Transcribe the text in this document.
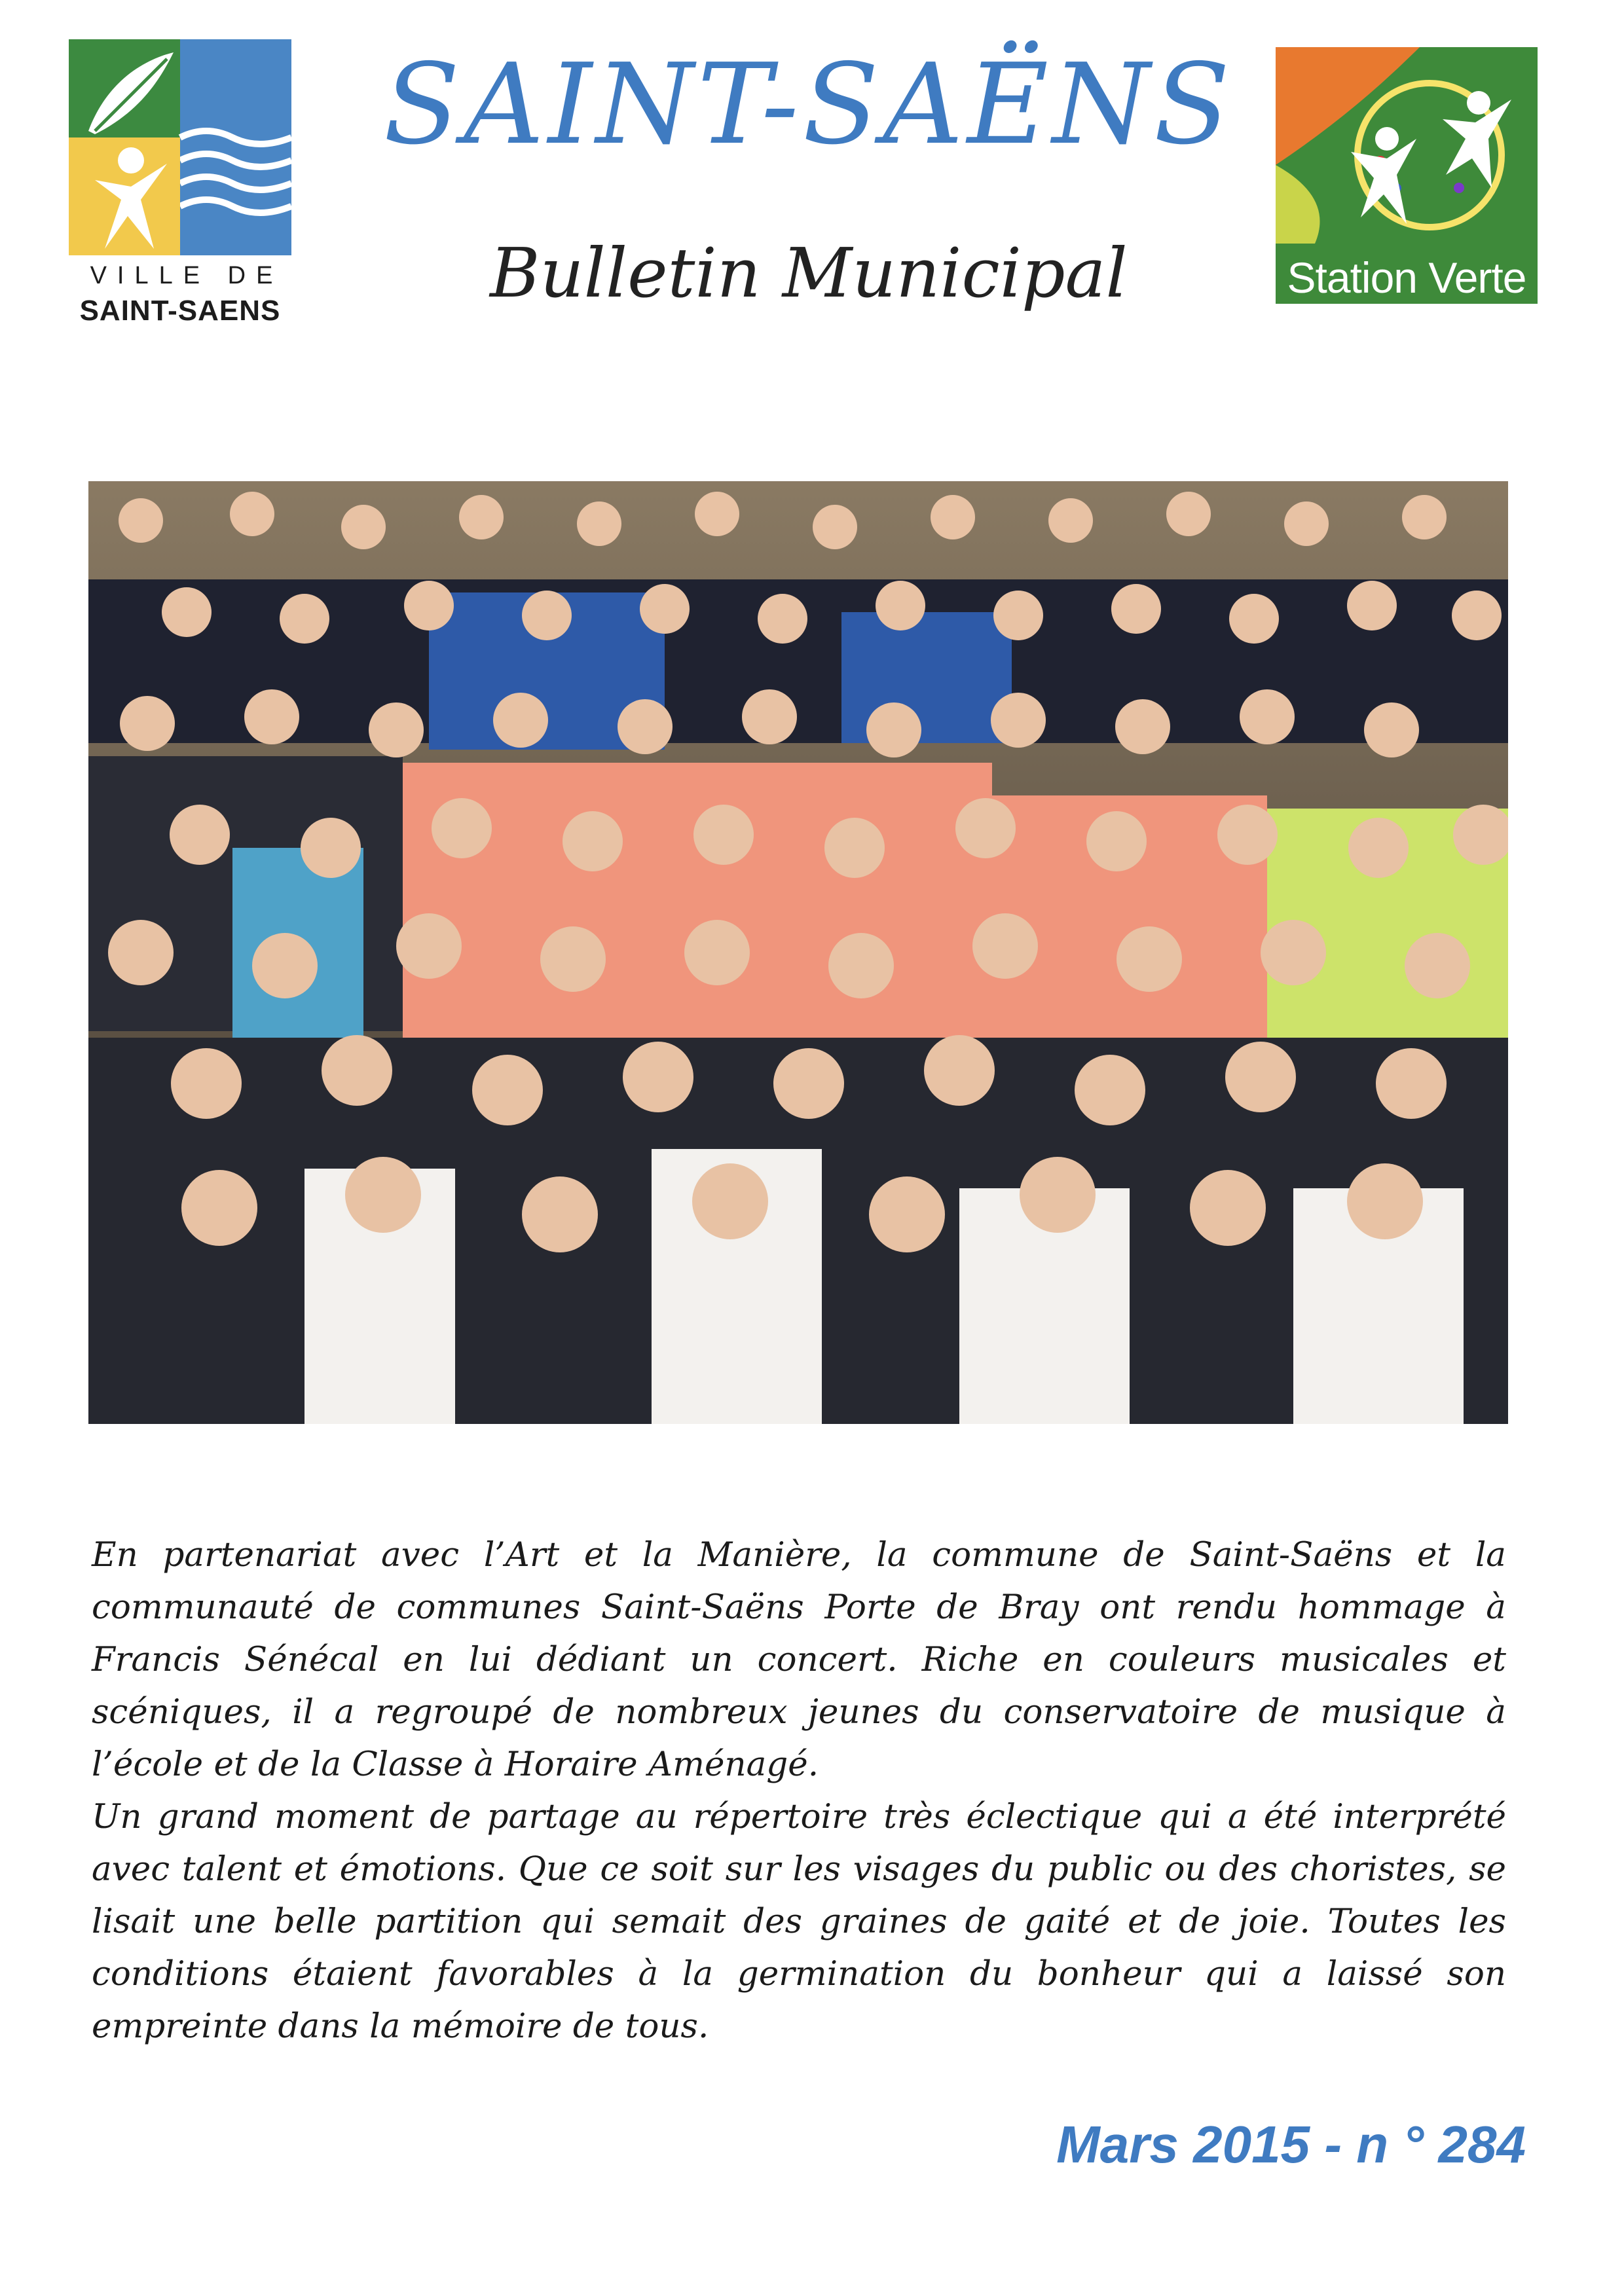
VILLE DE
SAINT-SAENS
SAINT-SAËNS
Bulletin Municipal	Station Verte

En partenariat avec l’Art et la Manière, la commune de Saint-Saëns et la communauté de communes Saint-Saëns Porte de Bray ont rendu hommage à Francis Sénécal en lui dédiant un concert. Riche en couleurs musicales et scéniques, il a regroupé de nombreux jeunes du conservatoire de musique à l’école et de la Classe à Horaire Aménagé.

Un grand moment de partage au répertoire très éclectique qui a été interprété avec talent et émotions. Que ce soit sur les visages du public ou des choristes, se lisait une belle partition qui semait des graines de gaité et de joie. Toutes les conditions étaient favorables à la germination du bonheur qui a laissé son empreinte dans la mémoire de tous.

Mars 2015 - n ° 284
